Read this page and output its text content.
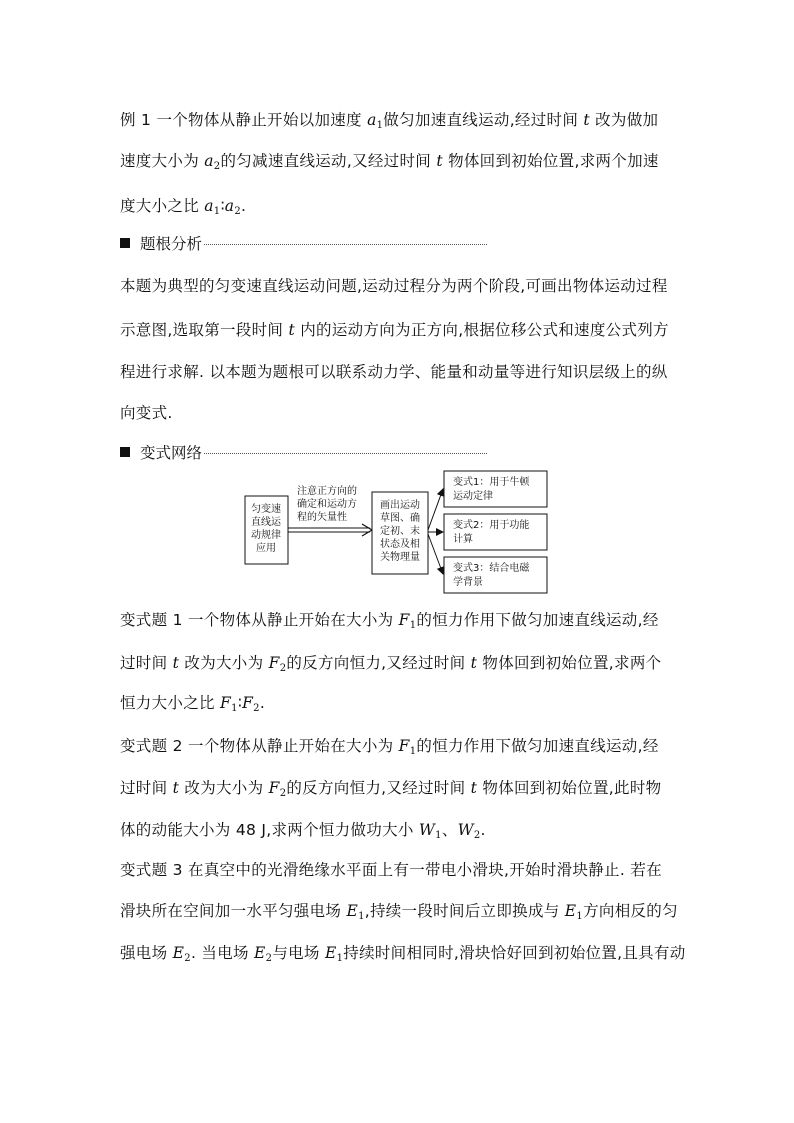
例 1 一个物体从静止开始以加速度 $a_1$做匀加速直线运动,经过时间 t 改为做加
速度大小为 $a_2$的匀减速直线运动,又经过时间 t 物体回到初始位置,求两个加速
度大小之比 $a_1∶a_2$.
题根分析
本题为典型的匀变速直线运动问题,运动过程分为两个阶段,可画出物体运动过程
示意图,选取第一段时间 t 内的运动方向为正方向,根据位移公式和速度公式列方
程进行求解. 以本题为题根可以联系动力学、能量和动量等进行知识层级上的纵
向变式.
变式网络
匀变速
直线运
动规律
应用
注意正方向的
确定和运动方
程的矢量性
画出运动
草图、确
定初、末
状态及相
关物理量
变式1：用于牛顿
运动定律
变式2：用于功能
计算
变式3：结合电磁
学背景
变式题 1 一个物体从静止开始在大小为 $F_1$的恒力作用下做匀加速直线运动,经
过时间 t 改为大小为 $F_2$的反方向恒力,又经过时间 t 物体回到初始位置,求两个
恒力大小之比 $F_1∶F_2$.
变式题 2 一个物体从静止开始在大小为 $F_1$的恒力作用下做匀加速直线运动,经
过时间 t 改为大小为 $F_2$的反方向恒力,又经过时间 t 物体回到初始位置,此时物
体的动能大小为 48 J,求两个恒力做功大小 $W_1$、$W_2$.
变式题 3 在真空中的光滑绝缘水平面上有一带电小滑块,开始时滑块静止. 若在
滑块所在空间加一水平匀强电场 $E_1$,持续一段时间后立即换成与 $E_1$方向相反的匀
强电场 $E_2$. 当电场 $E_2$与电场 $E_1$持续时间相同时,滑块恰好回到初始位置,且具有动
